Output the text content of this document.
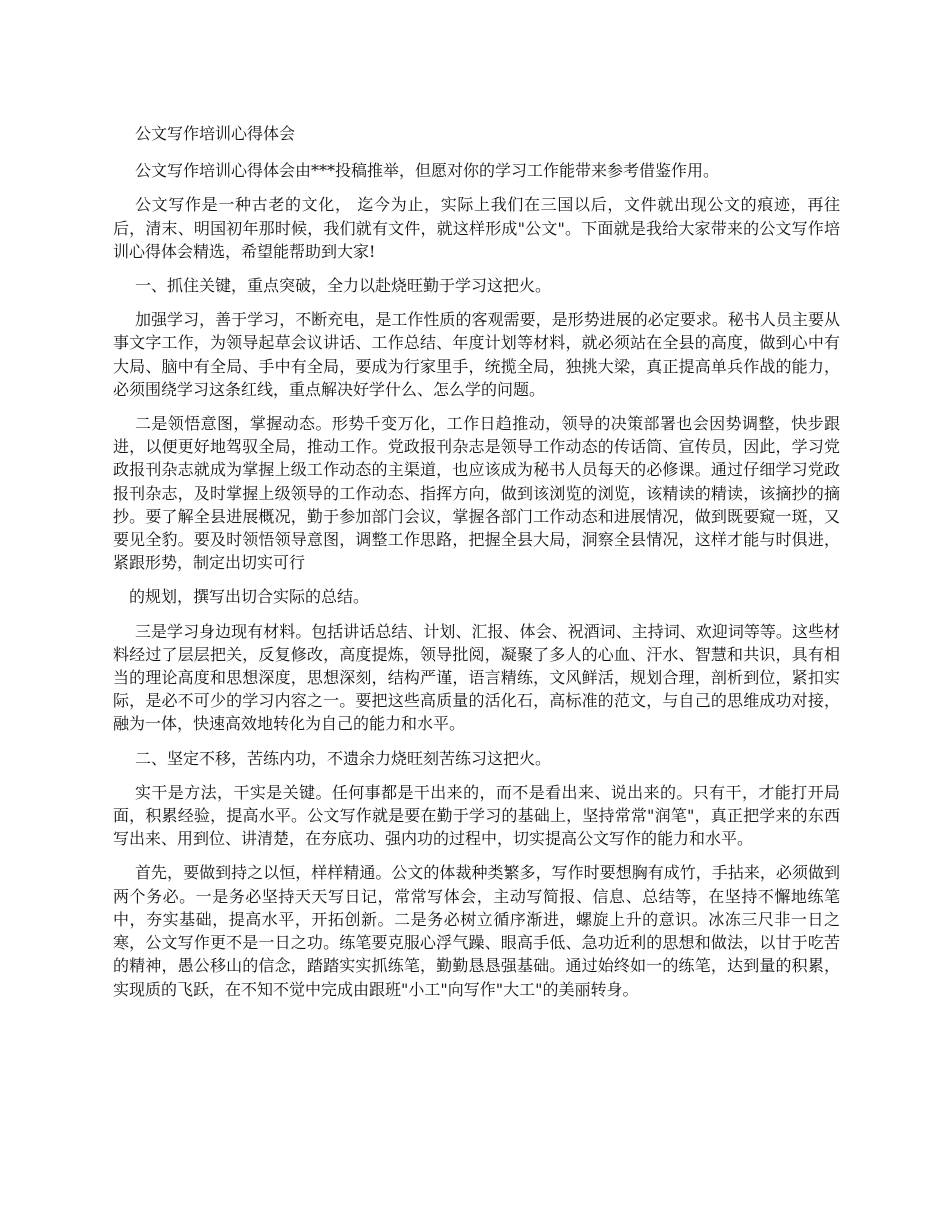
公文写作培训心得体会

公文写作培训心得体会由***投稿推举，但愿对你的学习工作能带来参考借鉴作用。

公文写作是一种古老的文化， 迄今为止，实际上我们在三国以后，文件就出现公文的痕迹，再往后，清末、明国初年那时候，我们就有文件，就这样形成"公文"。下面就是我给大家带来的公文写作培训心得体会精选，希望能帮助到大家!

一、抓住关键，重点突破，全力以赴烧旺勤于学习这把火。

加强学习，善于学习，不断充电，是工作性质的客观需要，是形势进展的必定要求。秘书人员主要从事文字工作，为领导起草会议讲话、工作总结、年度计划等材料，就必须站在全县的高度，做到心中有大局、脑中有全局、手中有全局，要成为行家里手，统揽全局，独挑大梁，真正提高单兵作战的能力，必须围绕学习这条红线，重点解决好学什么、怎么学的问题。

二是领悟意图，掌握动态。形势千变万化，工作日趋推动，领导的决策部署也会因势调整，快步跟进，以便更好地驾驭全局，推动工作。党政报刊杂志是领导工作动态的传话筒、宣传员，因此，学习党政报刊杂志就成为掌握上级工作动态的主渠道，也应该成为秘书人员每天的必修课。通过仔细学习党政报刊杂志，及时掌握上级领导的工作动态、指挥方向，做到该浏览的浏览，该精读的精读，该摘抄的摘抄。要了解全县进展概况，勤于参加部门会议，掌握各部门工作动态和进展情况，做到既要窥一斑，又要见全豹。要及时领悟领导意图，调整工作思路，把握全县大局，洞察全县情况，这样才能与时俱进，紧跟形势，制定出切实可行

的规划，撰写出切合实际的总结。

三是学习身边现有材料。包括讲话总结、计划、汇报、体会、祝酒词、主持词、欢迎词等等。这些材料经过了层层把关，反复修改，高度提炼，领导批阅，凝聚了多人的心血、汗水、智慧和共识，具有相当的理论高度和思想深度，思想深刻，结构严谨，语言精练，文风鲜活，规划合理，剖析到位，紧扣实际，是必不可少的学习内容之一。要把这些高质量的活化石，高标准的范文，与自己的思维成功对接，融为一体，快速高效地转化为自己的能力和水平。

二、坚定不移，苦练内功，不遗余力烧旺刻苦练习这把火。

实干是方法，干实是关键。任何事都是干出来的，而不是看出来、说出来的。只有干，才能打开局面，积累经验，提高水平。公文写作就是要在勤于学习的基础上，坚持常常"润笔"，真正把学来的东西写出来、用到位、讲清楚，在夯底功、强内功的过程中，切实提高公文写作的能力和水平。

首先，要做到持之以恒，样样精通。公文的体裁种类繁多，写作时要想胸有成竹，手拈来，必须做到两个务必。一是务必坚持天天写日记，常常写体会，主动写简报、信息、总结等，在坚持不懈地练笔中，夯实基础，提高水平，开拓创新。二是务必树立循序渐进，螺旋上升的意识。冰冻三尺非一日之寒，公文写作更不是一日之功。练笔要克服心浮气躁、眼高手低、急功近利的思想和做法，以甘于吃苦的精神，愚公移山的信念，踏踏实实抓练笔，勤勤恳恳强基础。通过始终如一的练笔，达到量的积累，实现质的飞跃，在不知不觉中完成由跟班"小工"向写作"大工"的美丽转身。
